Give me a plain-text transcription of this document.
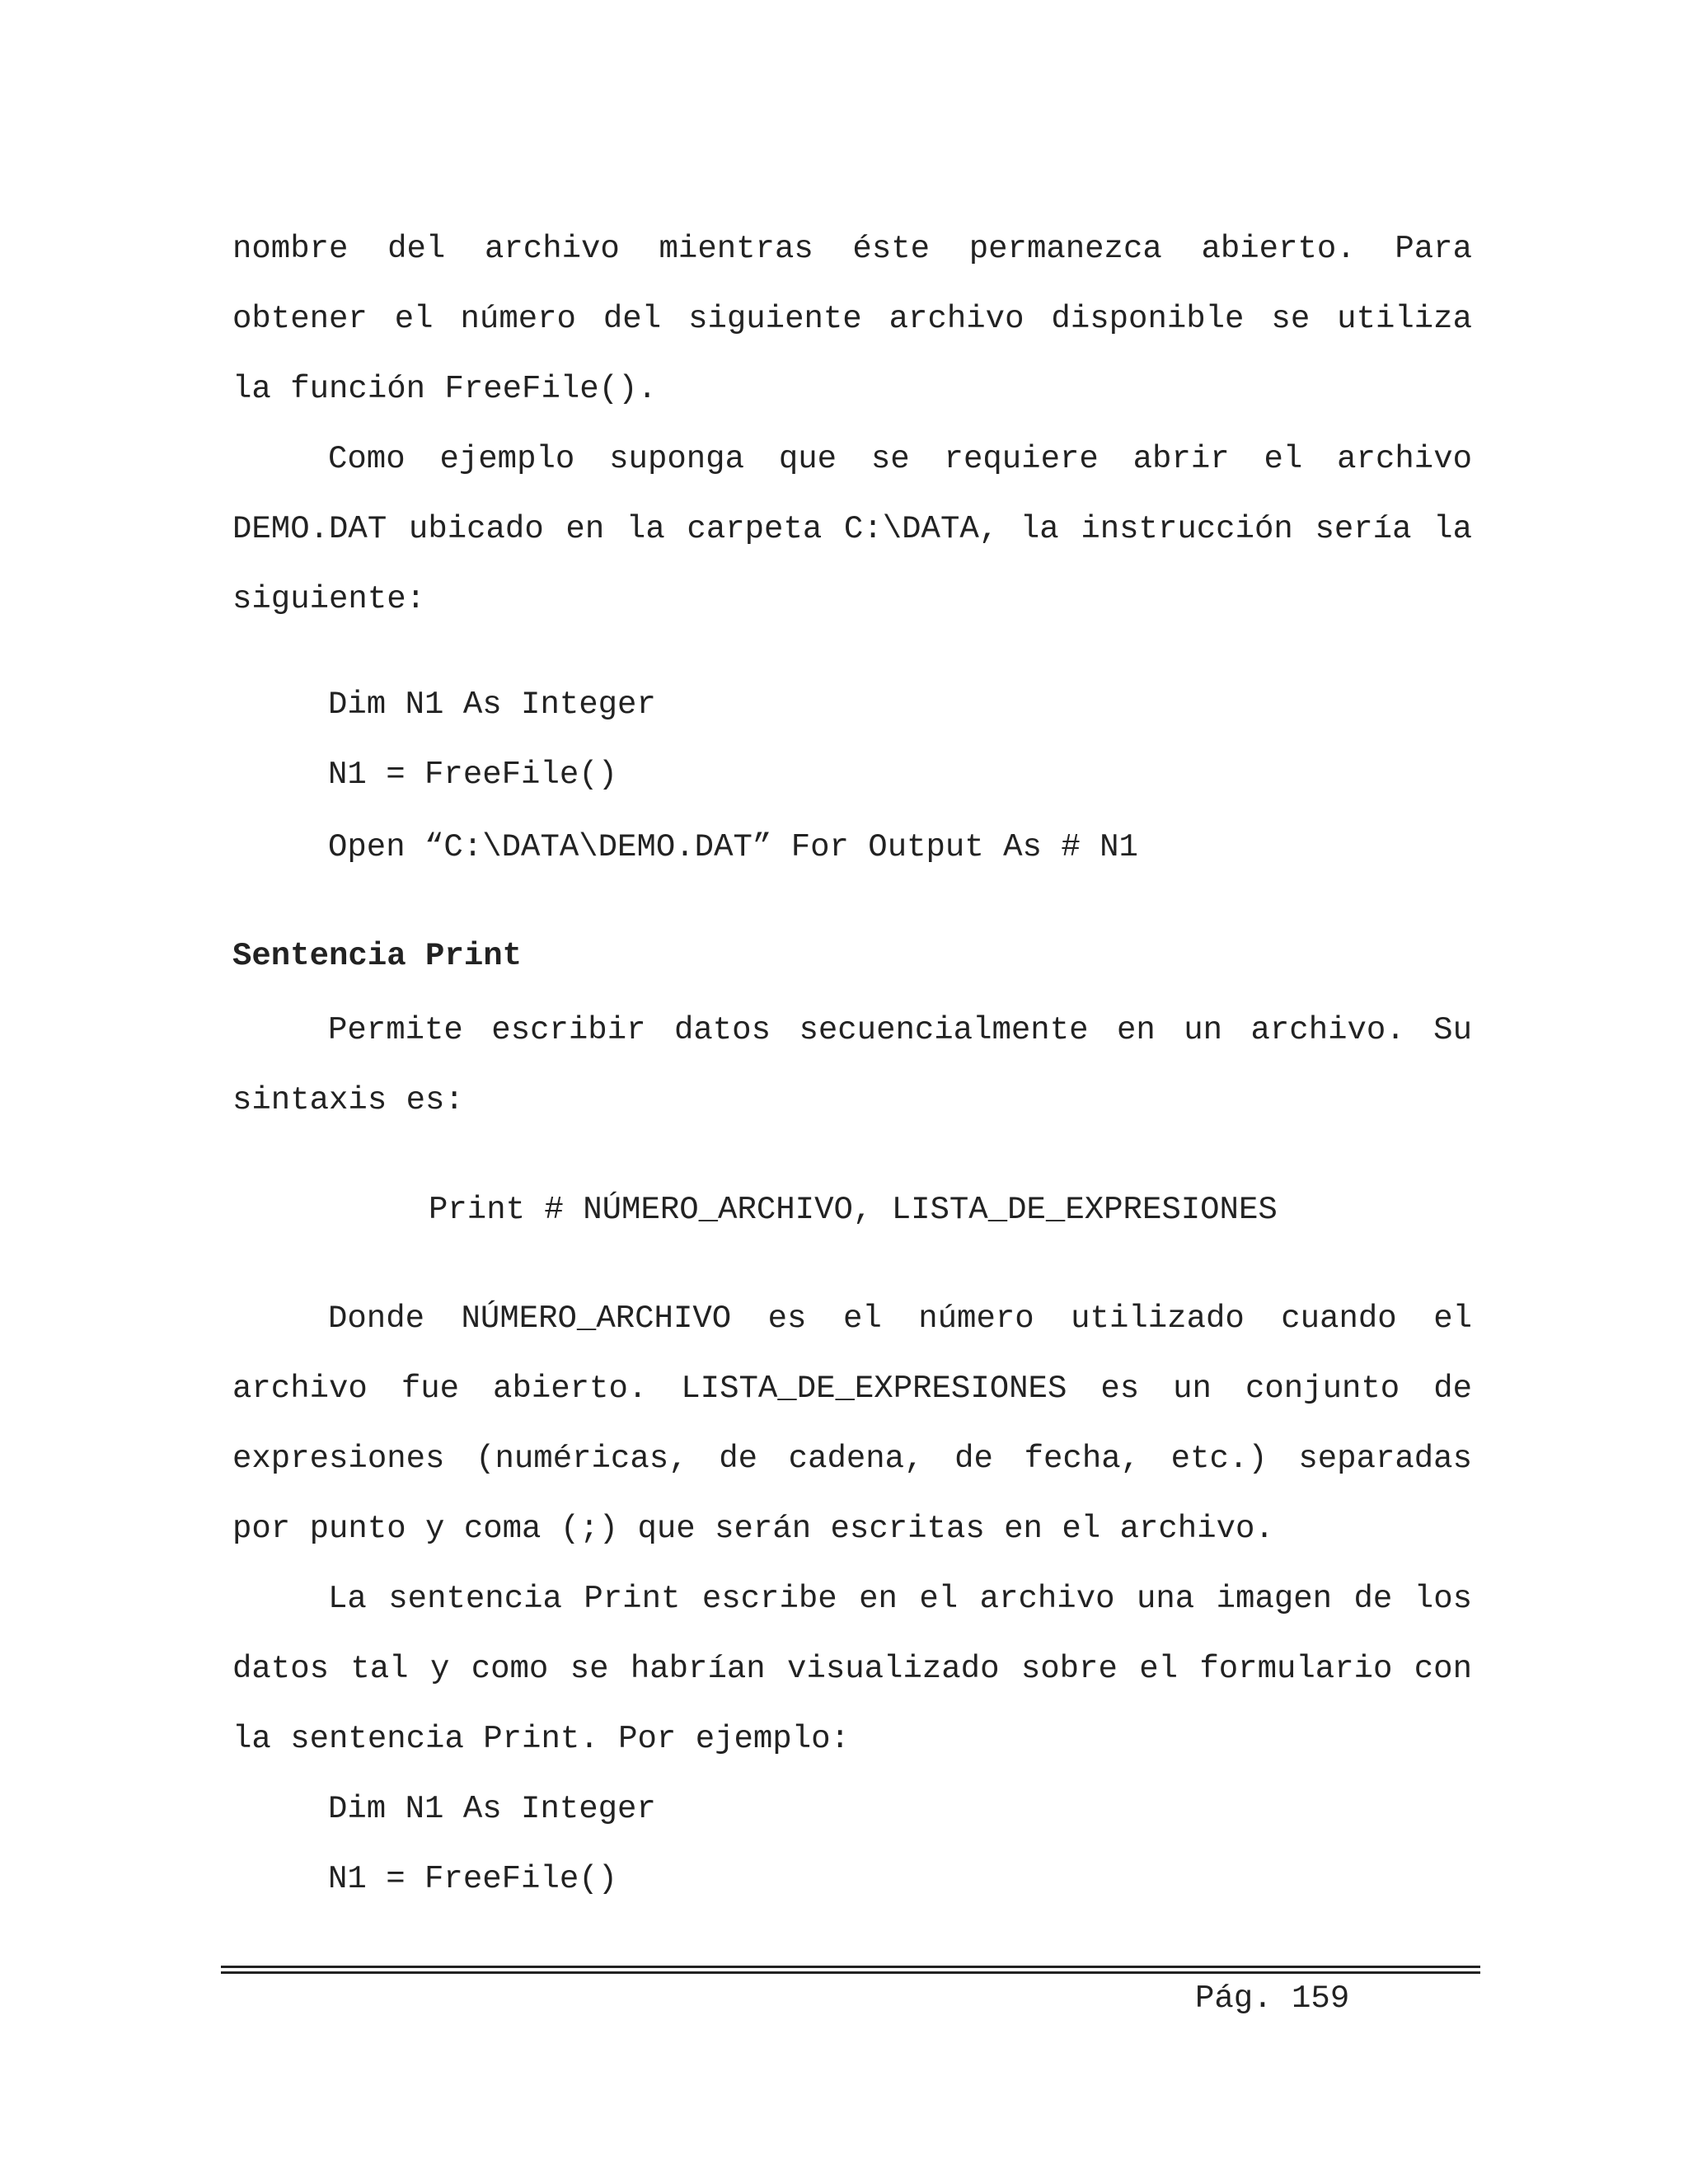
nombre del archivo mientras éste permanezca abierto. Para
obtener el número del siguiente archivo disponible se utiliza
la función FreeFile().
Como ejemplo suponga que se requiere abrir el archivo
DEMO.DAT ubicado en la carpeta C:\DATA, la instrucción sería la
siguiente:
Dim N1 As Integer
N1 = FreeFile()
Open “C:\DATA\DEMO.DAT” For Output As # N1
Sentencia Print
Permite escribir datos secuencialmente en un archivo. Su
sintaxis es:
Print # NÚMERO_ARCHIVO, LISTA_DE_EXPRESIONES
Donde NÚMERO_ARCHIVO es el número utilizado cuando el
archivo fue abierto. LISTA_DE_EXPRESIONES es un conjunto de
expresiones (numéricas, de cadena, de fecha, etc.) separadas
por punto y coma (;) que serán escritas en el archivo.
La sentencia Print escribe en el archivo una imagen de los
datos tal y como se habrían visualizado sobre el formulario con
la sentencia Print. Por ejemplo:
Dim N1 As Integer
N1 = FreeFile()
Pág. 159
